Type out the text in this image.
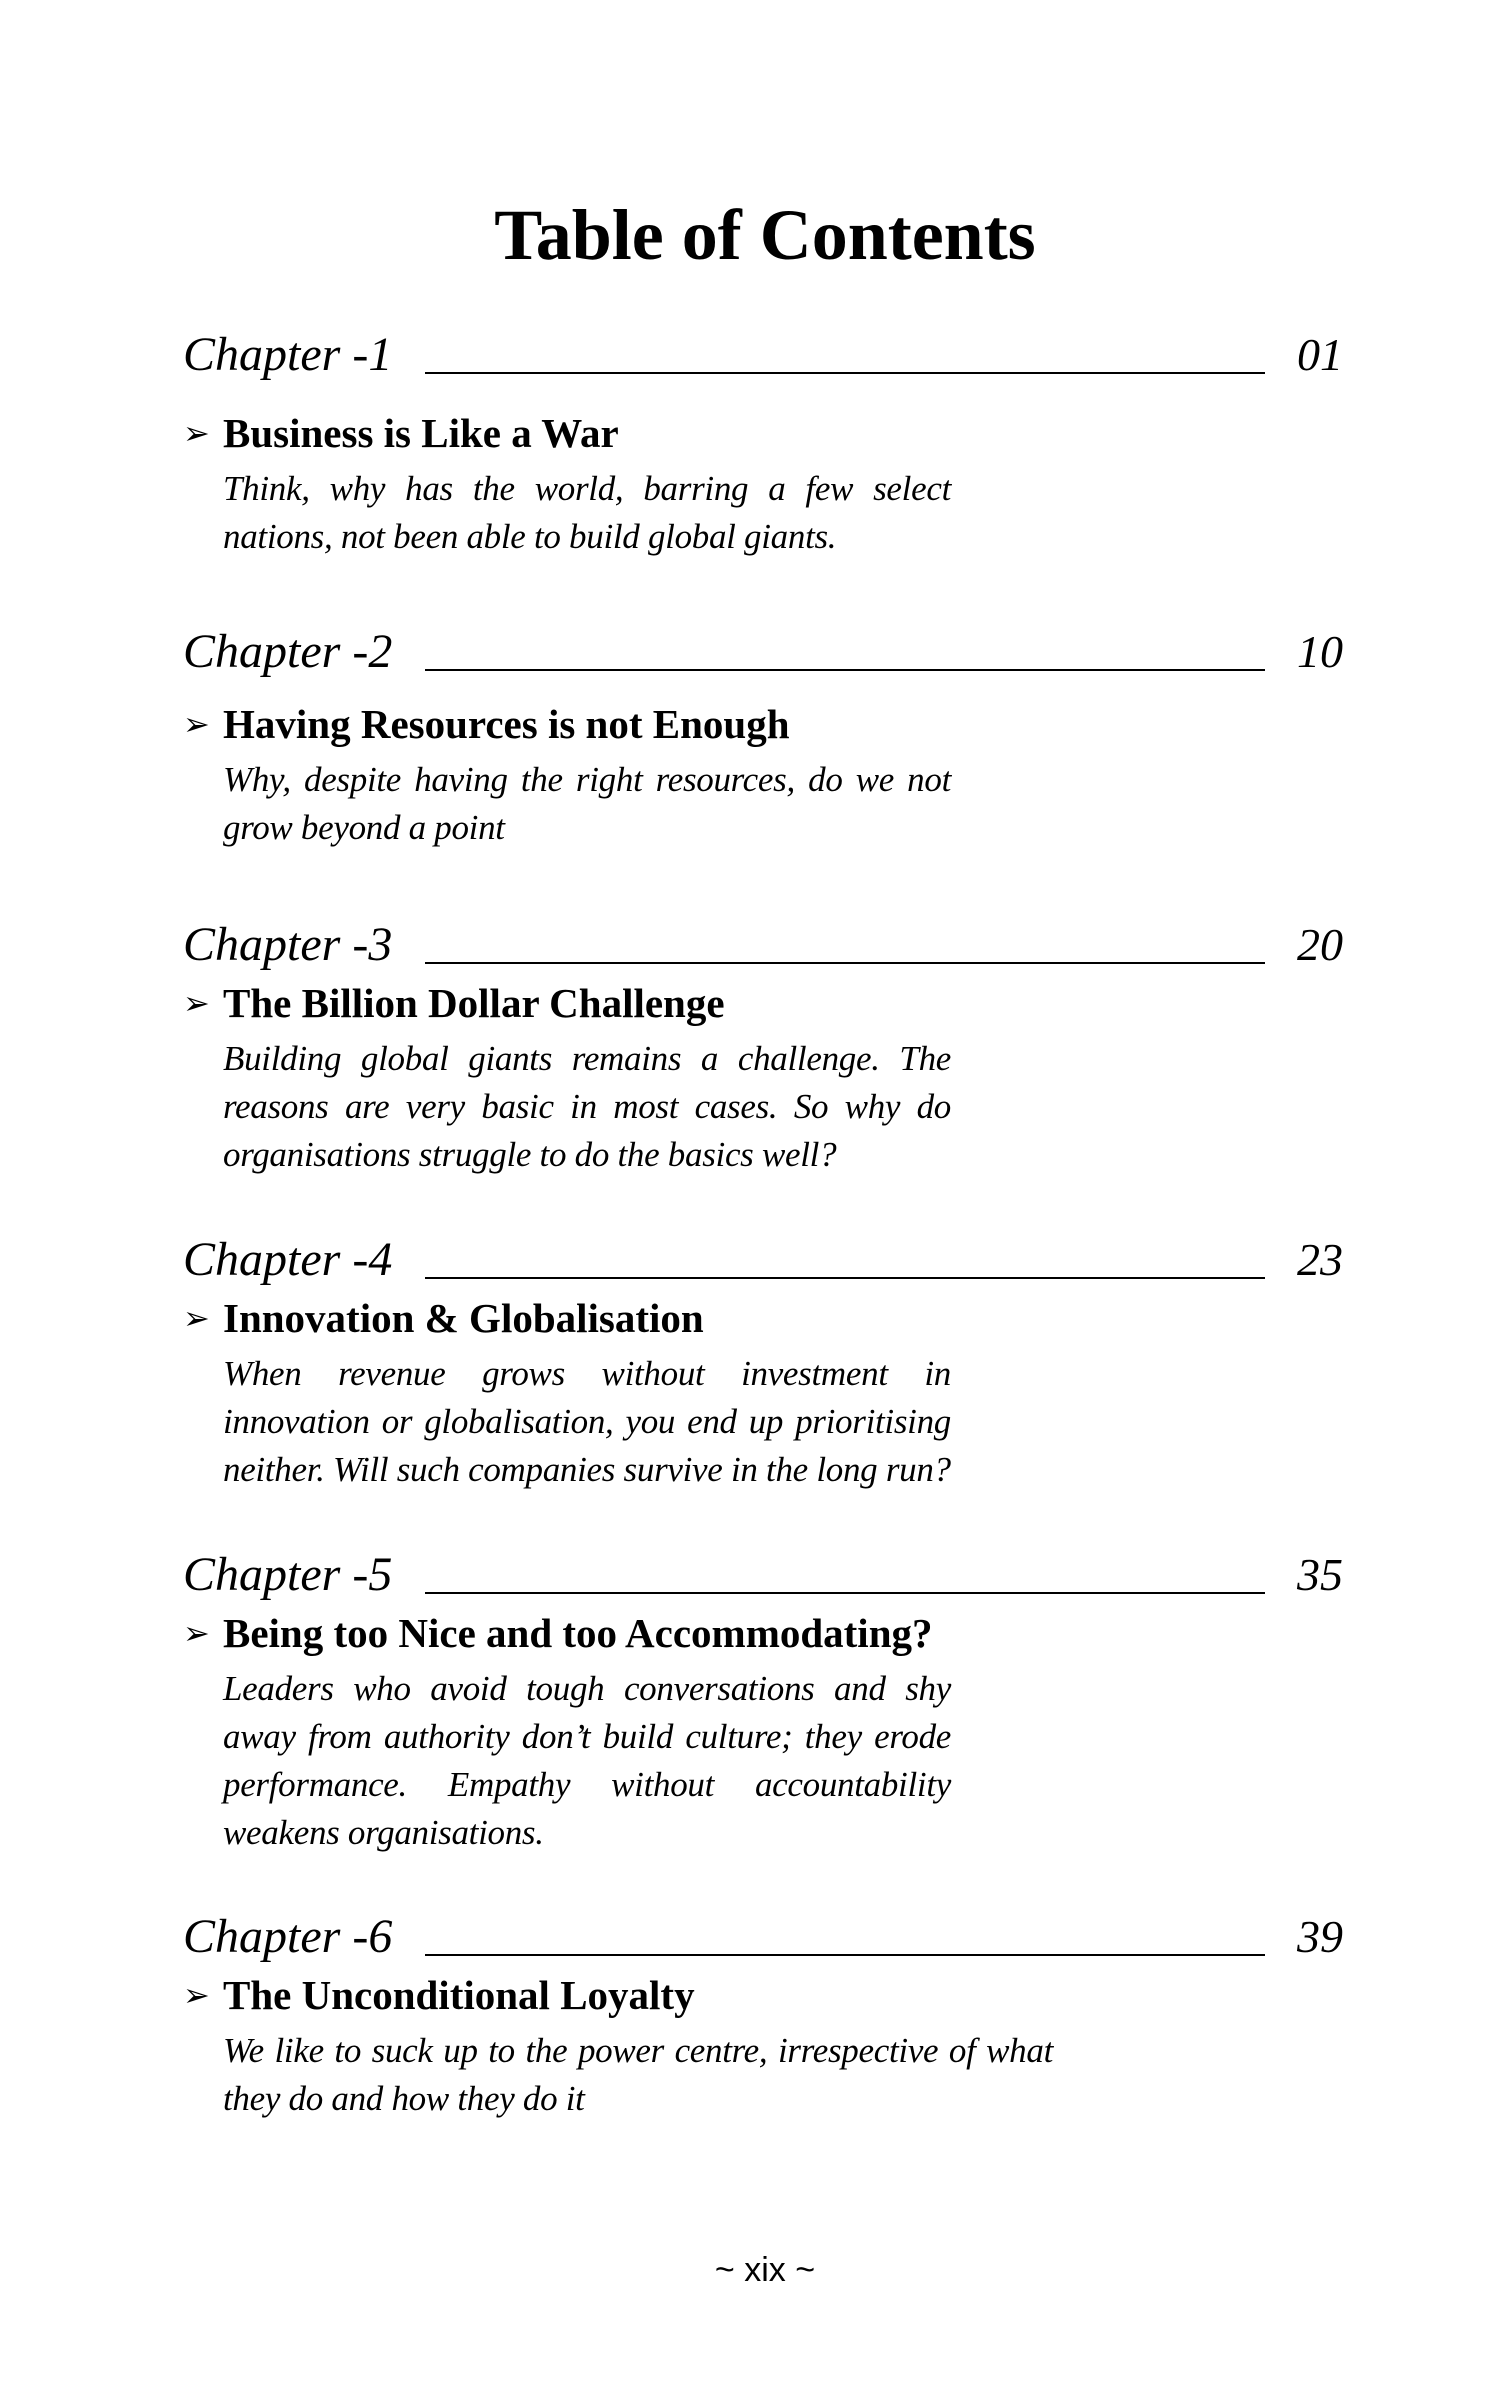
Table of Contents
Chapter -1	01
➢ Business is Like a War
Think, why has the world, barring a few select nations, not been able to build global giants.
Chapter -2	10
➢ Having Resources is not Enough
Why, despite having the right resources, do we not grow beyond a point
Chapter -3	20
➢ The Billion Dollar Challenge
Building global giants remains a challenge. The reasons are very basic in most cases. So why do organisations struggle to do the basics well?
Chapter -4	23
➢ Innovation & Globalisation
When revenue grows without investment in innovation or globalisation, you end up prioritising neither. Will such companies survive in the long run?
Chapter -5	35
➢ Being too Nice and too Accommodating?
Leaders who avoid tough conversations and shy away from authority don’t build culture; they erode performance. Empathy without accountability weakens organisations.
Chapter -6	39
➢ The Unconditional Loyalty
We like to suck up to the power centre, irrespective of what they do and how they do it
~ xix ~
